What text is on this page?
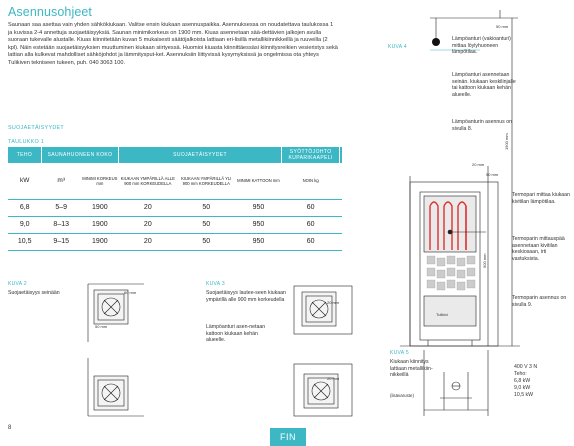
Asennusohjeet
Saunaan saa asettaa vain yhden sähkökiukaan. Valitse ensin kiukaan asennuspaikka. Asennuksessa on noudatettava taulukossa 1 ja kuvissa 2-4 annettuja suojaetäisyyksiä. Saunan minimikorkeus on 1900 mm. Kiuas asennetaan sää-dettävien jalkojen avulla suoraan tukevalle alustalle. Kiuas kiinnitetään kuvan 5 mukaisesti säätöjalkoista lattiaan eri-lisillä metallikiinnikkeillä ja ruuveilla (2 kpl). Näin estetään suojaetäisyyksien muuttuminen kiukaan siirtyessä. Huomioi kiuasta kiinnittäessäsi kiinnitysreikien vesieristys sekä lattian alla kulkevat mahdolliset sähköjohdot ja lämmitysput-ket. Asennuksiin liittyvissä kysymyksissä ja ongelmissa ota yhteys Tulikiven tekniseen tukeen, puh. 040 3063 100.
SUOJAETÄISYYDET
TAULUKKO 1
TEHO	SAUNAHUONEEN KOKO		SUOJAETÄISYYDET			SYÖTTÖJOHTO KUPARIKAAPELI	
kW	m³	MINIMI KORKEUS mm	KIUKAAN YMPÄRILLÄ ALLE 900 mm KORKEUDELLA	KIUKAAN YMPÄRILLÄ YLI 900 mm KORKEUDELLA	MINIMI KATTOON mm	NOIN kg	
6,8	5–9	1900	20	50	950	60	
9,0	8–13	1900	20	50	950	60	
10,5	9–15	1900	20	50	950	60	
KUVA 2
Suojaetäisyys seinään	60 mm
50 mm
KUVA 3
Suojaetäisyys lautee-seen kiukaan ympärillä alle 900 mm korkeudella
Lämpöanturi asen-netaan kattoon kiukaan kehän alueelle.
20 mm
20 mm
KUVA 4
50 mm
Lämpöanturi (vakioanturi) mittaa löylyhuoneen lämpötilaa.
Lämpöanturi asennetaan seinän. kiukaan keskilinjalle tai kattoon kiukaan kehän alueelle.
Lämpöanturin asennus on sivulla 8.
20 mm
50 mm
1900 mm
900 mm
Termopari mittaa kiukaan kivitilan lämpötilaa.
Termoparin mittauspää asennetaan kivitilan keskiosaan, irti vastuksista.
Termoparin asennus on sivulla 9.
Tulikivi
KUVA 5
Kiukaan kiinnitys lattiaan metallikiin-nikkeillä
(lisävaruste)
400 V 3 N
Teho:
6,8 kW
9,0 kW
10,5 kW
8
FIN
